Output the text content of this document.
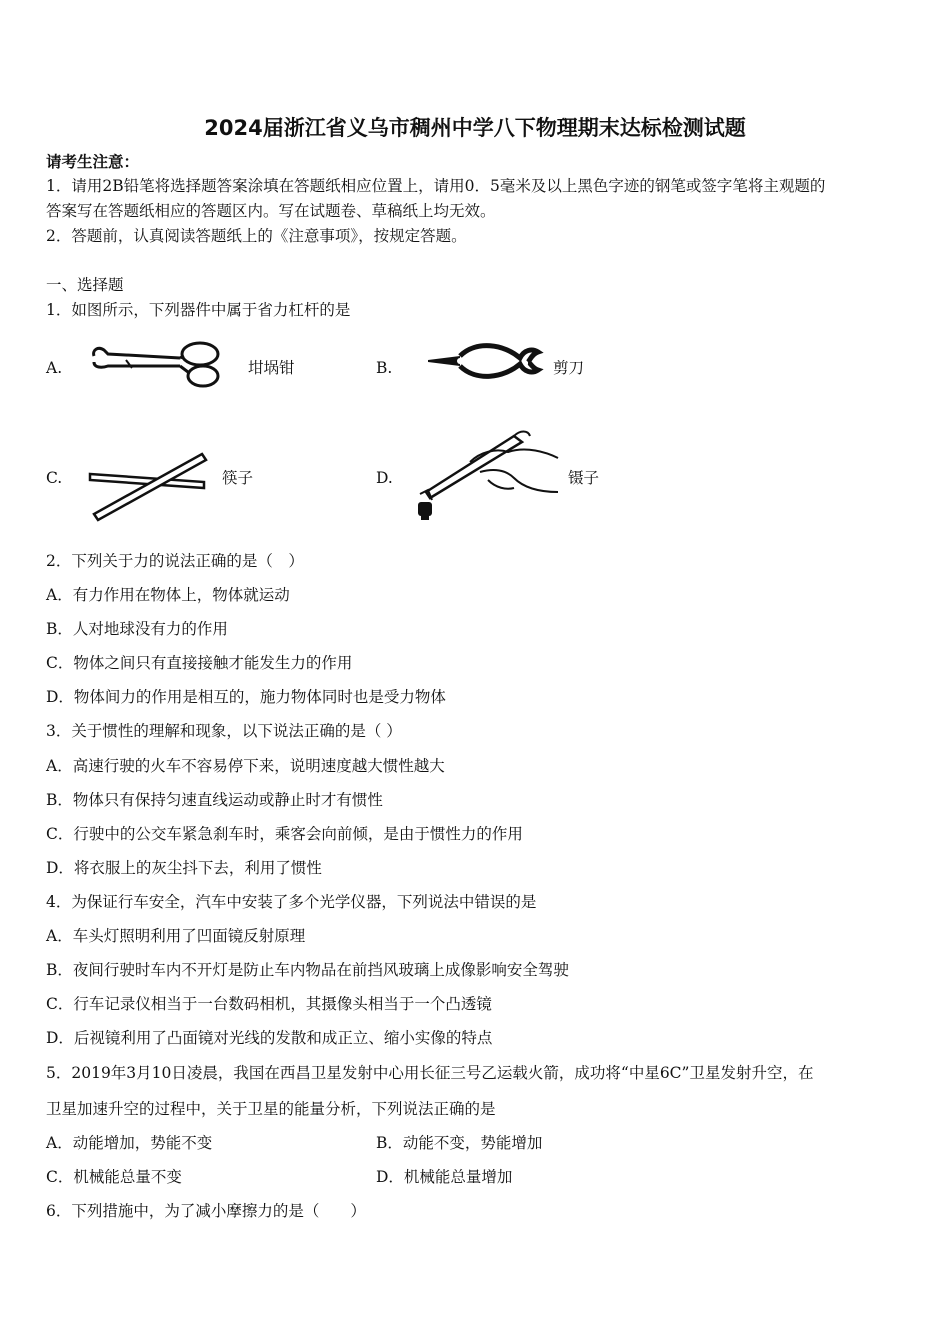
2024届浙江省义乌市稠州中学八下物理期末达标检测试题
请考生注意：
1．请用2B铅笔将选择题答案涂填在答题纸相应位置上，请用0．5毫米及以上黑色字迹的钢笔或签字笔将主观题的
答案写在答题纸相应的答题区内。写在试题卷、草稿纸上均无效。
2．答题前，认真阅读答题纸上的《注意事项》，按规定答题。
一、选择题
1．如图所示，下列器件中属于省力杠杆的是
A.	坩埚钳	B.	剪刀
C.	筷子	D.	镊子
2．下列关于力的说法正确的是（　）
A．有力作用在物体上，物体就运动
B．人对地球没有力的作用
C．物体之间只有直接接触才能发生力的作用
D．物体间力的作用是相互的，施力物体同时也是受力物体
3．关于惯性的理解和现象，以下说法正确的是（ ）
A．高速行驶的火车不容易停下来，说明速度越大惯性越大
B．物体只有保持匀速直线运动或静止时才有惯性
C．行驶中的公交车紧急刹车时，乘客会向前倾，是由于惯性力的作用
D．将衣服上的灰尘抖下去，利用了惯性
4．为保证行车安全，汽车中安装了多个光学仪器，下列说法中错误的是
A．车头灯照明利用了凹面镜反射原理
B．夜间行驶时车内不开灯是防止车内物品在前挡风玻璃上成像影响安全驾驶
C．行车记录仪相当于一台数码相机，其摄像头相当于一个凸透镜
D．后视镜利用了凸面镜对光线的发散和成正立、缩小实像的特点
5．2019年3月10日凌晨，我国在西昌卫星发射中心用长征三号乙运载火箭，成功将“中星6C”卫星发射升空，在
卫星加速升空的过程中，关于卫星的能量分析，下列说法正确的是
A．动能增加，势能不变	B．动能不变，势能增加
C．机械能总量不变	D．机械能总量增加
6．下列措施中，为了减小摩擦力的是（　　）
